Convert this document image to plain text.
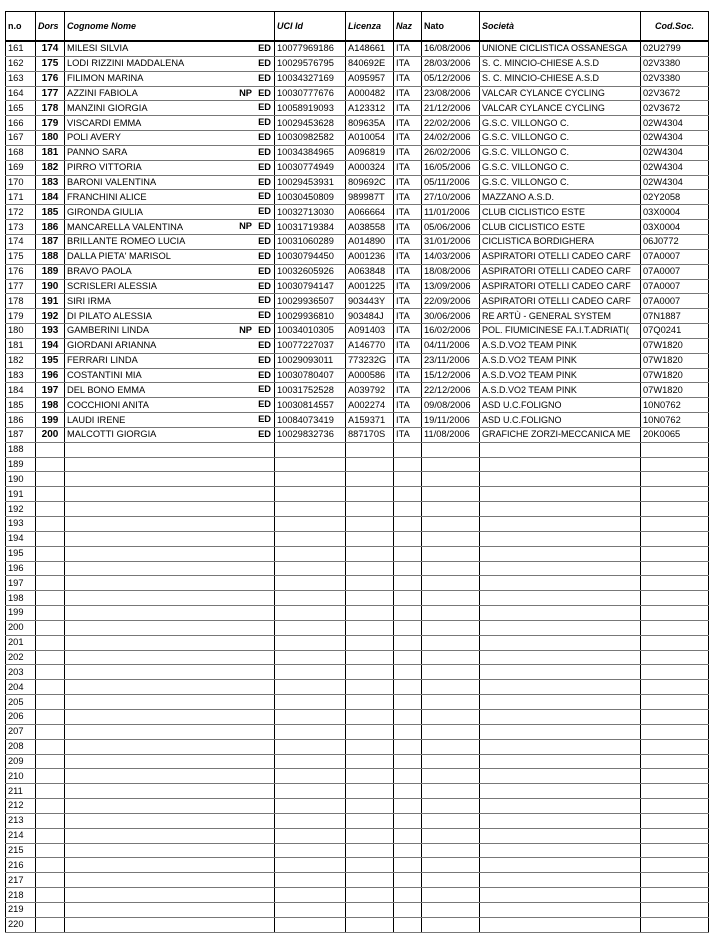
n.o	Dors	Cognome Nome	UCI Id	Licenza	Naz	Nato	Società	Cod.Soc.
161	174	MILESI SILVIA ED	10077969186	A148661	ITA	16/08/2006	UNIONE CICLISTICA OSSANESGA	02U2799
162	175	LODI RIZZINI MADDALENA ED	10029576795	840692E	ITA	28/03/2006	S. C. MINCIO-CHIESE A.S.D	02V3380
163	176	FILIMON MARINA ED	10034327169	A095957	ITA	05/12/2006	S. C. MINCIO-CHIESE A.S.D	02V3380
164	177	AZZINI FABIOLA NP ED	10030777676	A000482	ITA	23/08/2006	VALCAR CYLANCE CYCLING	02V3672
165	178	MANZINI GIORGIA ED	10058919093	A123312	ITA	21/12/2006	VALCAR CYLANCE CYCLING	02V3672
166	179	VISCARDI EMMA ED	10029453628	809635A	ITA	22/02/2006	G.S.C. VILLONGO C.	02W4304
167	180	POLI AVERY ED	10030982582	A010054	ITA	24/02/2006	G.S.C. VILLONGO C.	02W4304
168	181	PANNO SARA ED	10034384965	A096819	ITA	26/02/2006	G.S.C. VILLONGO C.	02W4304
169	182	PIRRO VITTORIA ED	10030774949	A000324	ITA	16/05/2006	G.S.C. VILLONGO C.	02W4304
170	183	BARONI VALENTINA ED	10029453931	809692C	ITA	05/11/2006	G.S.C. VILLONGO C.	02W4304
171	184	FRANCHINI ALICE ED	10030450809	989987T	ITA	27/10/2006	MAZZANO A.S.D.	02Y2058
172	185	GIRONDA GIULIA ED	10032713030	A066664	ITA	11/01/2006	CLUB CICLISTICO ESTE	03X0004
173	186	MANCARELLA VALENTINA NP ED	10031719384	A038558	ITA	05/06/2006	CLUB CICLISTICO ESTE	03X0004
174	187	BRILLANTE ROMEO LUCIA ED	10031060289	A014890	ITA	31/01/2006	CICLISTICA BORDIGHERA	06J0772
175	188	DALLA PIETA' MARISOL ED	10030794450	A001236	ITA	14/03/2006	ASPIRATORI OTELLI CADEO CARF	07A0007
176	189	BRAVO PAOLA ED	10032605926	A063848	ITA	18/08/2006	ASPIRATORI OTELLI CADEO CARF	07A0007
177	190	SCRISLERI ALESSIA ED	10030794147	A001225	ITA	13/09/2006	ASPIRATORI OTELLI CADEO CARF	07A0007
178	191	SIRI IRMA ED	10029936507	903443Y	ITA	22/09/2006	ASPIRATORI OTELLI CADEO CARF	07A0007
179	192	DI PILATO ALESSIA ED	10029936810	903484J	ITA	30/06/2006	RE ARTÙ - GENERAL SYSTEM	07N1887
180	193	GAMBERINI LINDA NP ED	10034010305	A091403	ITA	16/02/2006	POL. FIUMICINESE FA.I.T.ADRIATI(	07Q0241
181	194	GIORDANI ARIANNA ED	10077227037	A146770	ITA	04/11/2006	A.S.D.VO2 TEAM PINK	07W1820
182	195	FERRARI LINDA ED	10029093011	773232G	ITA	23/11/2006	A.S.D.VO2 TEAM PINK	07W1820
183	196	COSTANTINI MIA ED	10030780407	A000586	ITA	15/12/2006	A.S.D.VO2 TEAM PINK	07W1820
184	197	DEL BONO EMMA ED	10031752528	A039792	ITA	22/12/2006	A.S.D.VO2 TEAM PINK	07W1820
185	198	COCCHIONI ANITA ED	10030814557	A002274	ITA	09/08/2006	ASD U.C.FOLIGNO	10N0762
186	199	LAUDI IRENE ED	10084073419	A159371	ITA	19/11/2006	ASD U.C.FOLIGNO	10N0762
187	200	MALCOTTI GIORGIA ED	10029832736	887170S	ITA	11/08/2006	GRAFICHE ZORZI-MECCANICA ME	20K0065
188		

189		

190		

191		

192		

193		

194		

195		

196		

197		

198		

199		

200		

201		

202		

203		

204		

205		

206		

207		

208		

209		

210		

211		

212		

213		

214		

215		

216		

217		

218		

219		

220		
